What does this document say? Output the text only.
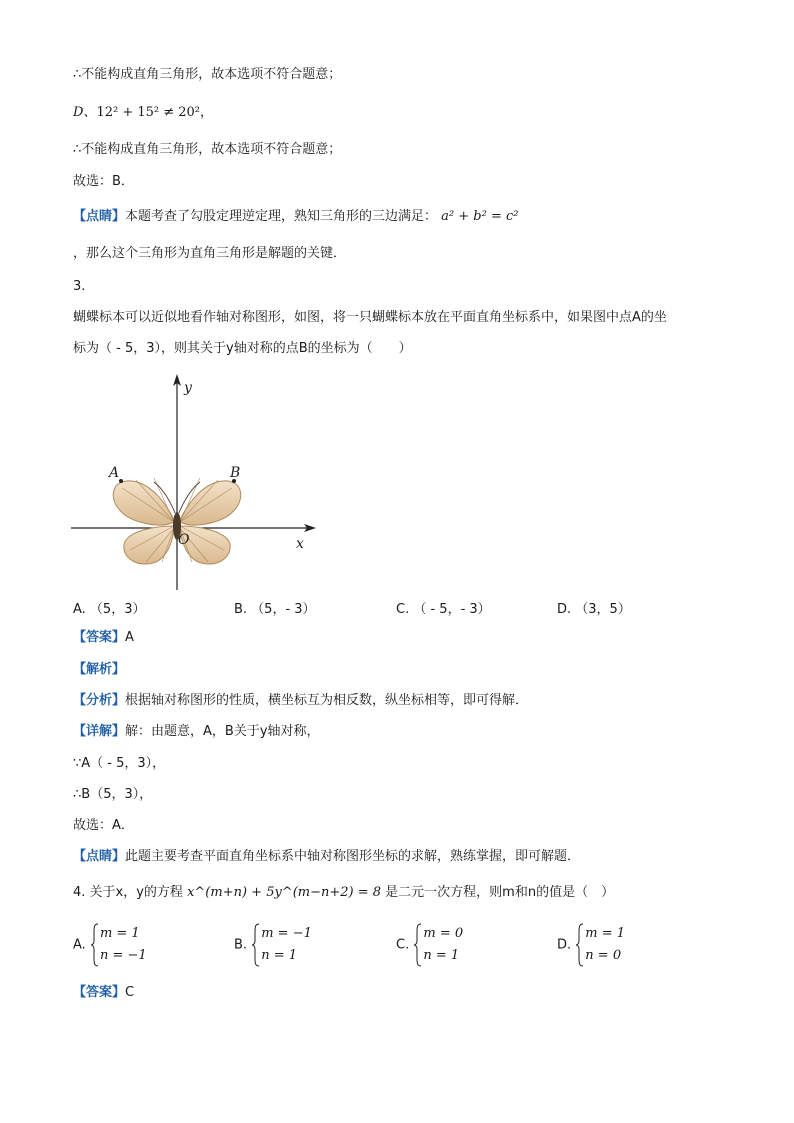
∴不能构成直角三角形，故本选项不符合题意；
D、12² + 15² ≠ 20²，
∴不能构成直角三角形，故本选项不符合题意；
故选：B．
【点睛】本题考查了勾股定理逆定理，熟知三角形的三边满足： a² + b² = c²
，那么这个三角形为直角三角形是解题的关键．
3.
蝴蝶标本可以近似地看作轴对称图形，如图，将一只蝴蝶标本放在平面直角坐标系中，如果图中点A的坐
标为（ - 5，3），则其关于y轴对称的点B的坐标为（　　）
y
x
O
A	B
A. （5，3）	B. （5，- 3）	C. （ - 5，- 3）	D. （3，5）
【答案】A
【解析】
【分析】根据轴对称图形的性质，横坐标互为相反数，纵坐标相等，即可得解．
【详解】解：由题意，A，B关于y轴对称，
∵A（ - 5，3），
∴B（5，3），
故选：A．
【点睛】此题主要考查平面直角坐标系中轴对称图形坐标的求解，熟练掌握，即可解题．
4. 关于x，y的方程 x^(m+n) + 5y^(m−n+2) = 8 是二元一次方程，则m和n的值是（　）
A.
m = 1
n = −1
B.
m = −1
n = 1
C.
m = 0
n = 1
D.
m = 1
n = 0
【答案】C
